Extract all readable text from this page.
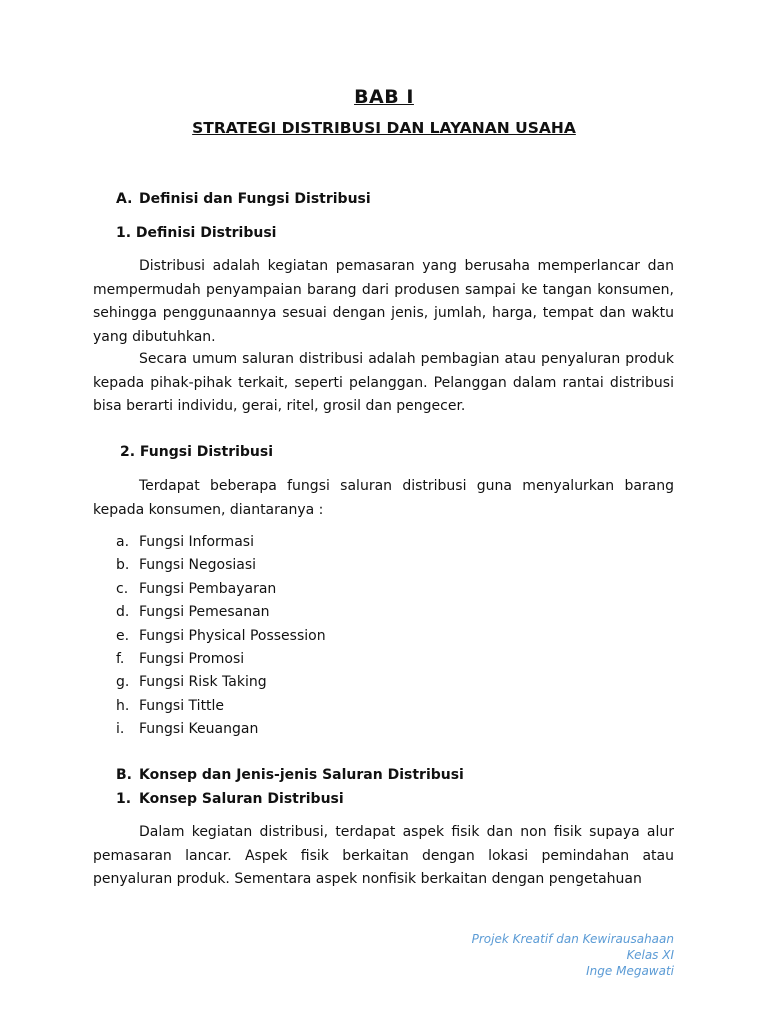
BAB I
STRATEGI DISTRIBUSI DAN LAYANAN USAHA
A. Definisi dan Fungsi Distribusi
1. Definisi Distribusi

Distribusi adalah kegiatan pemasaran yang berusaha memperlancar dan mempermudah penyampaian barang dari produsen sampai ke tangan konsumen, sehingga penggunaannya sesuai dengan jenis, jumlah, harga, tempat dan waktu yang dibutuhkan.

Secara umum saluran distribusi adalah pembagian atau penyaluran produk kepada pihak-pihak terkait, seperti pelanggan. Pelanggan dalam rantai distribusi bisa berarti individu, gerai, ritel, grosil dan pengecer.

2. Fungsi Distribusi

Terdapat beberapa fungsi saluran distribusi guna menyalurkan barang kepada konsumen, diantaranya :

a. Fungsi Informasi
b. Fungsi Negosiasi
c. Fungsi Pembayaran
d. Fungsi Pemesanan
e. Fungsi Physical Possession
f. Fungsi Promosi
g. Fungsi Risk Taking
h. Fungsi Tittle
i. Fungsi Keuangan
B. Konsep dan Jenis-jenis Saluran Distribusi
1. Konsep Saluran Distribusi

Dalam kegiatan distribusi, terdapat aspek fisik dan non fisik supaya alur pemasaran lancar. Aspek fisik berkaitan dengan lokasi pemindahan atau penyaluran produk. Sementara aspek nonfisik berkaitan dengan pengetahuan

Projek Kreatif dan Kewirausahaan
Kelas XI
Inge Megawati
